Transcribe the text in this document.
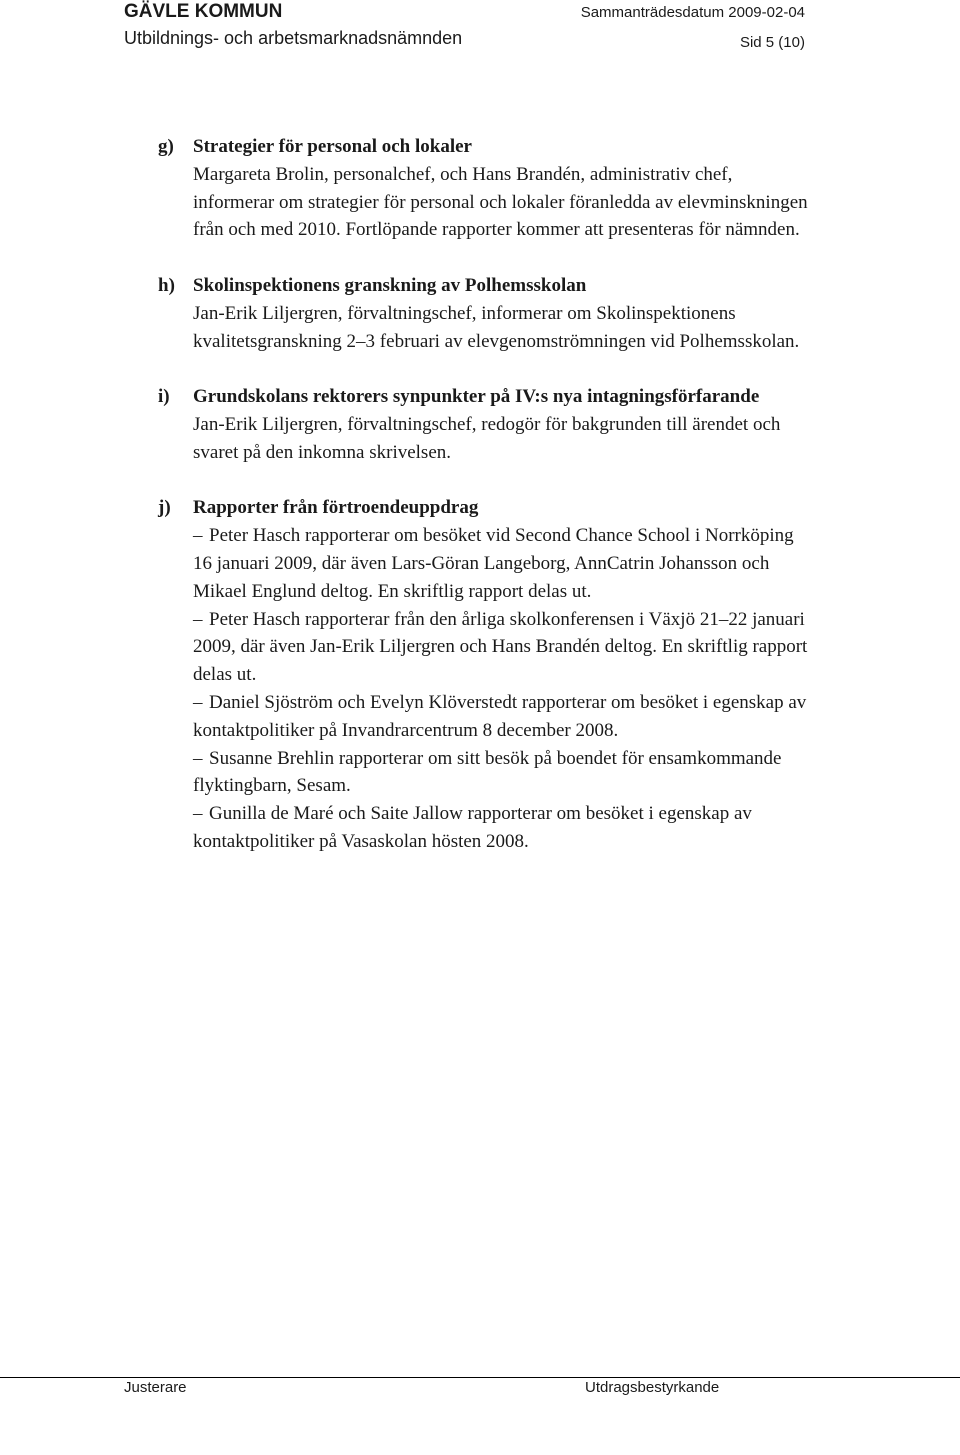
GÄVLE KOMMUN
Utbildnings- och arbetsmarknadsnämnden
Sammanträdesdatum 2009-02-04
Sid 5 (10)
g)	Strategier för personal och lokaler

Margareta Brolin, personalchef, och Hans Brandén, administrativ chef, informerar om strategier för personal och lokaler föranledda av elevminskningen från och med 2010. Fortlöpande rapporter kommer att presenteras för nämnden.

h) Skolinspektionens granskning av Polhemsskolan

Jan-Erik Liljergren, förvaltningschef, informerar om Skolinspektionens kvalitetsgranskning 2–3 februari av elevgenomströmningen vid Polhemsskolan.

i)	Grundskolans rektorers synpunkter på IV:s nya intagningsförfarande

Jan-Erik Liljergren, förvaltningschef, redogör för bakgrunden till ärendet och svaret på den inkomna skrivelsen.

j)	Rapporter från förtroendeuppdrag

– Peter Hasch rapporterar om besöket vid Second Chance School i Norrköping 16 januari 2009, där även Lars-Göran Langeborg, AnnCatrin Johansson och Mikael Englund deltog. En skriftlig rapport delas ut.

– Peter Hasch rapporterar från den årliga skolkonferensen i Växjö 21–22 januari 2009, där även Jan-Erik Liljergren och Hans Brandén deltog. En skriftlig rapport delas ut.

– Daniel Sjöström och Evelyn Klöverstedt rapporterar om besöket i egenskap av kontaktpolitiker på Invandrarcentrum 8 december 2008.

– Susanne Brehlin rapporterar om sitt besök på boendet för ensamkommande flyktingbarn, Sesam.

– Gunilla de Maré och Saite Jallow rapporterar om besöket i egenskap av kontaktpolitiker på Vasaskolan hösten 2008.

Justerare	Utdragsbestyrkande
